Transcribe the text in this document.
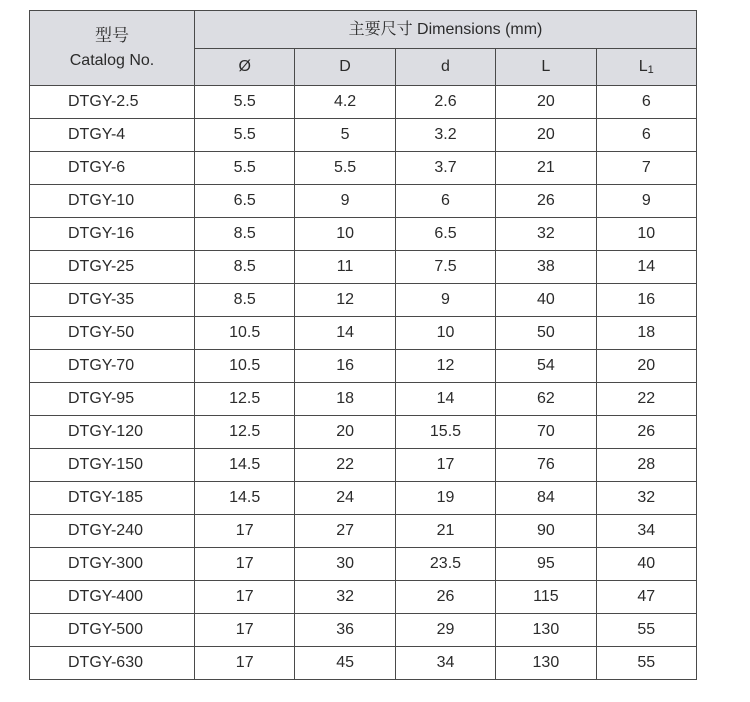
型号
Catalog No.	主要尺寸 Dimensions (mm)				
	Ø	D	d	L	L1
DTGY-2.5	5.5	4.2	2.6	20	6
DTGY-4	5.5	5	3.2	20	6
DTGY-6	5.5	5.5	3.7	21	7
DTGY-10	6.5	9	6	26	9
DTGY-16	8.5	10	6.5	32	10
DTGY-25	8.5	11	7.5	38	14
DTGY-35	8.5	12	9	40	16
DTGY-50	10.5	14	10	50	18
DTGY-70	10.5	16	12	54	20
DTGY-95	12.5	18	14	62	22
DTGY-120	12.5	20	15.5	70	26
DTGY-150	14.5	22	17	76	28
DTGY-185	14.5	24	19	84	32
DTGY-240	17	27	21	90	34
DTGY-300	17	30	23.5	95	40
DTGY-400	17	32	26	115	47
DTGY-500	17	36	29	130	55
DTGY-630	17	45	34	130	55
